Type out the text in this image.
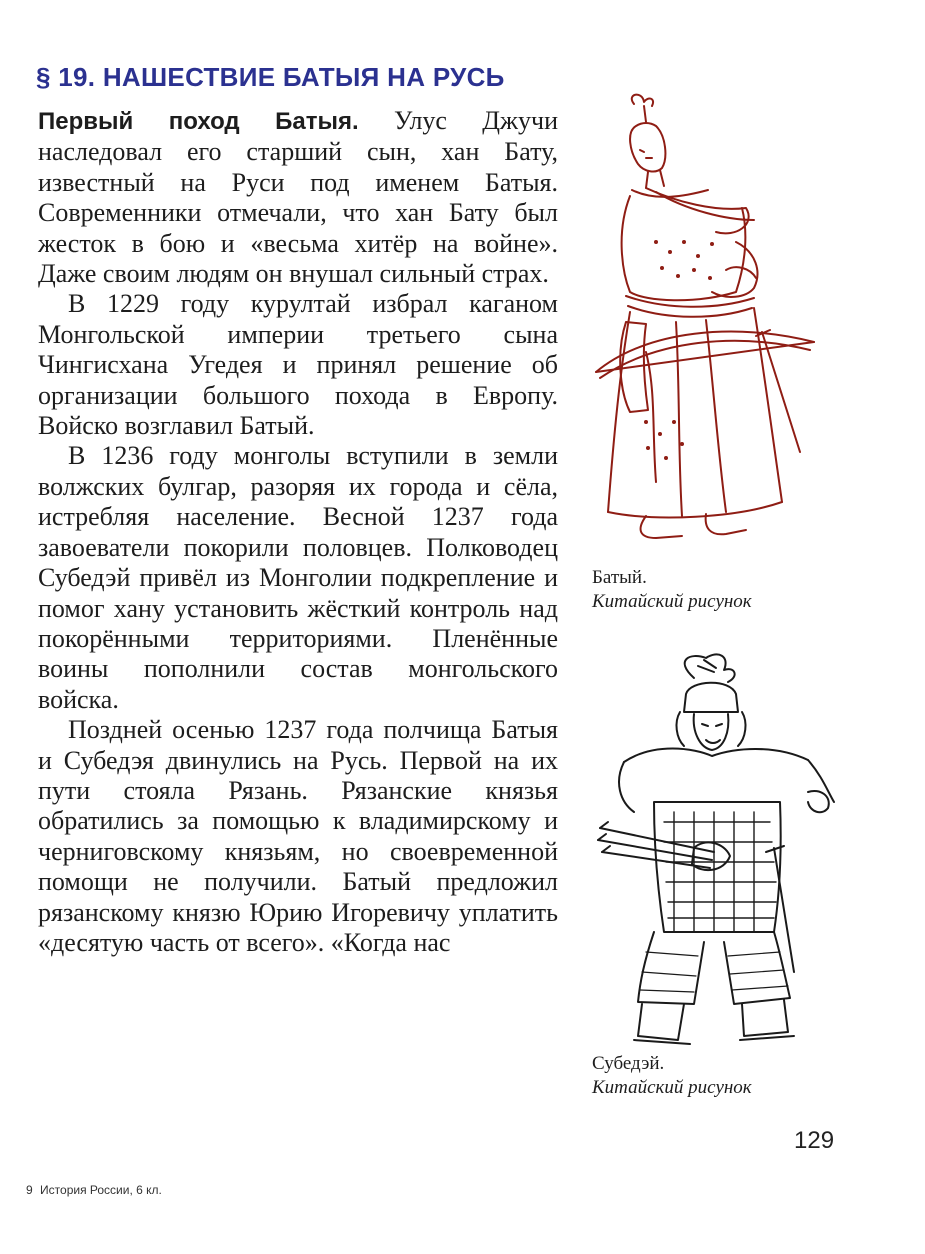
§ 19. НАШЕСТВИЕ БАТЫЯ НА РУСЬ

Первый поход Батыя. Улус Джучи наследовал его старший сын, хан Бату, известный на Руси под именем Батыя. Современники отмечали, что хан Бату был жесток в бою и «весьма хитёр на войне». Даже своим людям он внушал сильный страх.

В 1229 году курултай избрал каганом Монгольской империи третьего сына Чингисхана Угедея и принял решение об организации большого похода в Европу. Войско возглавил Батый.

В 1236 году монголы вступили в земли волжских булгар, разоряя их города и сёла, истребляя население. Весной 1237 года завоеватели покорили половцев. Полководец Субедэй привёл из Монголии подкрепление и помог хану установить жёсткий контроль над покорёнными территориями. Пленённые воины пополнили состав монгольского войска.

Поздней осенью 1237 года полчища Батыя и Субедэя двинулись на Русь. Первой на их пути стояла Рязань. Рязанские князья обратились за помощью к владимирскому и черниговскому князьям, но своевременной помощи не получили. Батый предложил рязанскому князю Юрию Игоревичу уплатить «десятую часть от всего». «Когда нас

Батый.
Китайский рисунок
Субедэй.
Китайский рисунок
129
9 История России, 6 кл.
